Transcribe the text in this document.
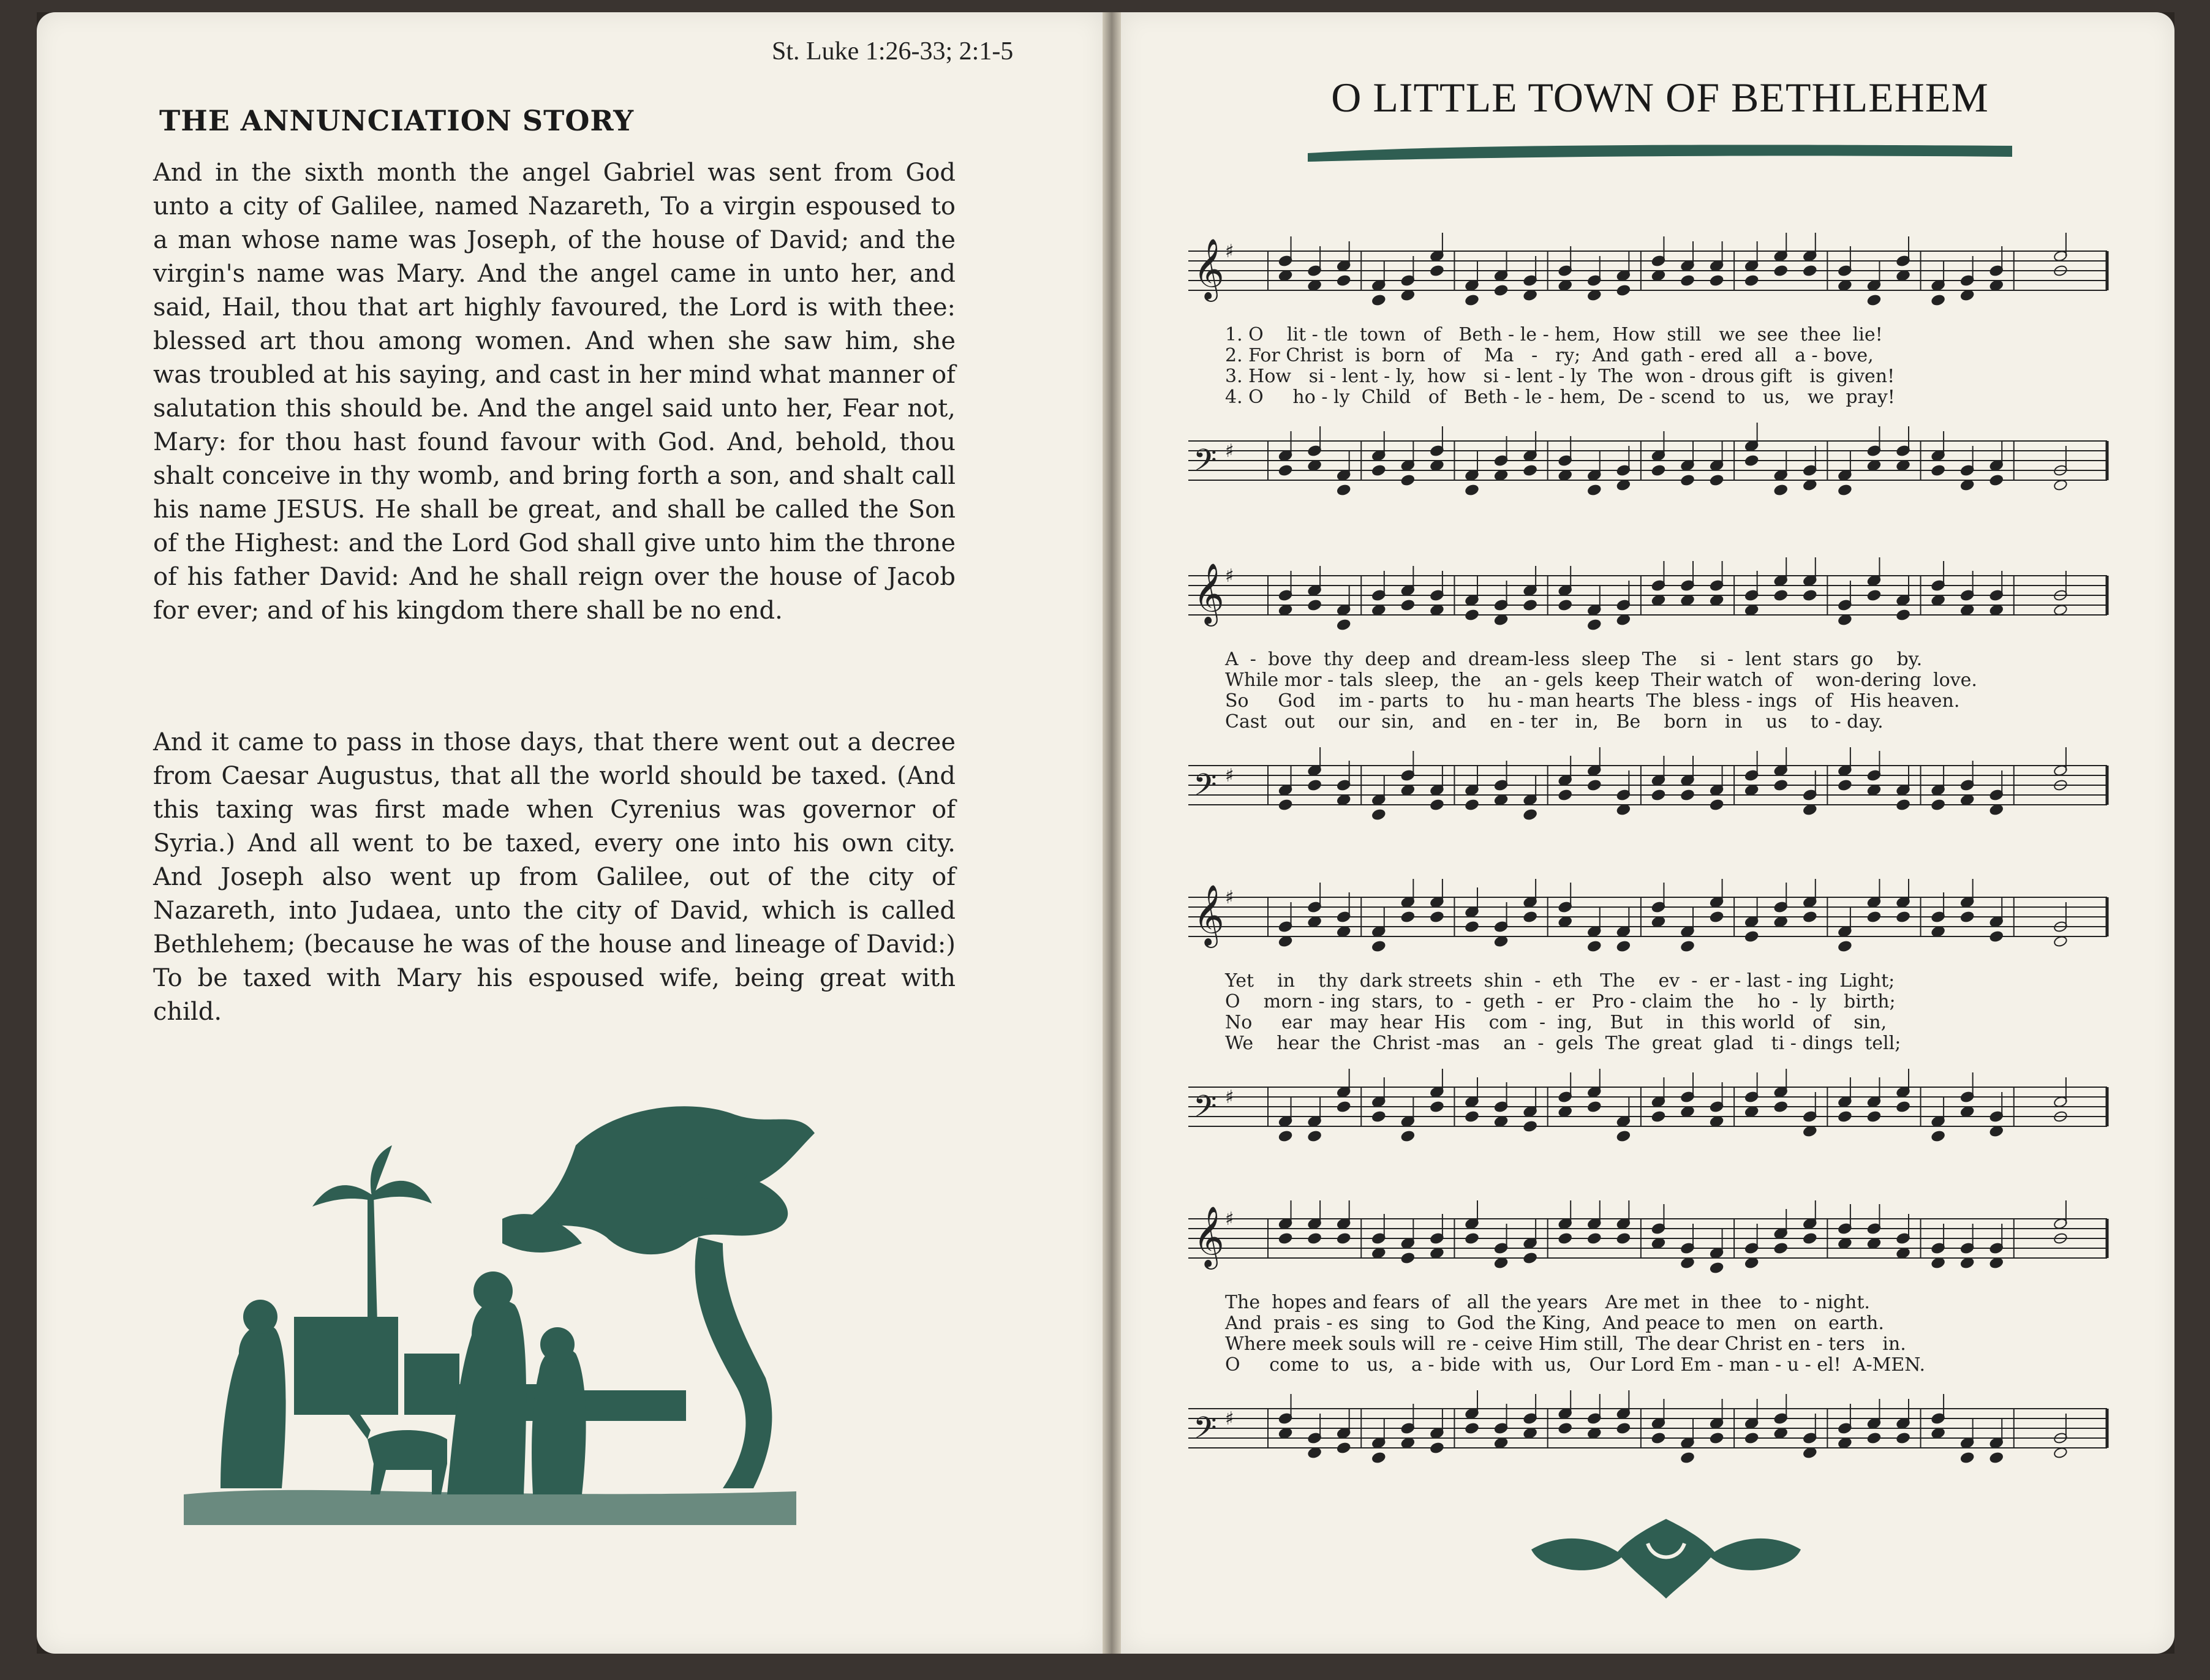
St. Luke 1:26-33; 2:1-5
THE ANNUNCIATION STORY
And in the sixth month the angel Gabriel was sent from God unto a city of Galilee, named Nazareth, To a virgin espoused to a man whose name was Joseph, of the house of David; and the virgin's name was Mary. And the angel came in unto her, and said, Hail, thou that art highly favoured, the Lord is with thee: blessed art thou among women. And when she saw him, she was troubled at his saying, and cast in her mind what manner of salutation this should be. And the angel said unto her, Fear not, Mary: for thou hast found favour with God. And, behold, thou shalt conceive in thy womb, and bring forth a son, and shalt call his name JESUS. He shall be great, and shall be called the Son of the Highest: and the Lord God shall give unto him the throne of his father David: And he shall reign over the house of Jacob for ever; and of his kingdom there shall be no end.
And it came to pass in those days, that there went out a decree from Caesar Augustus, that all the world should be taxed. (And this taxing was first made when Cyrenius was governor of Syria.) And all went to be taxed, every one into his own city. And Joseph also went up from Galilee, out of the city of Nazareth, into Judaea, unto the city of David, which is called Bethlehem; (because he was of the house and lineage of David:) To be taxed with Mary his espoused wife, being great with child.
O LITTLE TOWN OF BETHLEHEM
𝄞 ♯
1. O    lit - tle  town   of   Beth - le - hem,  How  still   we  see  thee  lie!
2. For Christ  is  born   of    Ma   -   ry;  And  gath - ered  all   a - bove,
3. How   si - lent - ly,  how   si - lent - ly  The  won - drous gift   is  given!
4. O     ho - ly  Child   of   Beth - le - hem,  De - scend  to   us,   we  pray!
𝄢 ♯
𝄞 ♯
A  -  bove  thy  deep  and  dream-less  sleep  The    si  -  lent  stars  go    by.
While mor - tals  sleep,  the    an - gels  keep  Their watch  of    won-dering  love.
So     God    im - parts   to    hu - man hearts  The  bless - ings   of   His heaven.
Cast   out    our  sin,   and    en - ter   in,   Be    born   in    us    to - day.
𝄢 ♯
𝄞 ♯
Yet    in    thy  dark streets  shin  -  eth   The    ev  -  er - last - ing  Light;
O    morn - ing  stars,  to  -  geth  -  er   Pro - claim  the    ho  -  ly   birth;
No     ear   may  hear  His    com  -  ing,   But    in   this world   of    sin,
We    hear  the  Christ -mas    an  -  gels  The  great  glad   ti - dings  tell;
𝄢 ♯
𝄞 ♯
The  hopes and fears  of   all  the years   Are met  in  thee   to - night.
And  prais - es  sing   to  God  the King,  And peace to  men   on  earth.
Where meek souls will  re - ceive Him still,  The dear Christ en - ters   in.
O     come  to   us,   a - bide  with  us,   Our Lord Em - man - u - el!  A-MEN.
𝄢 ♯
